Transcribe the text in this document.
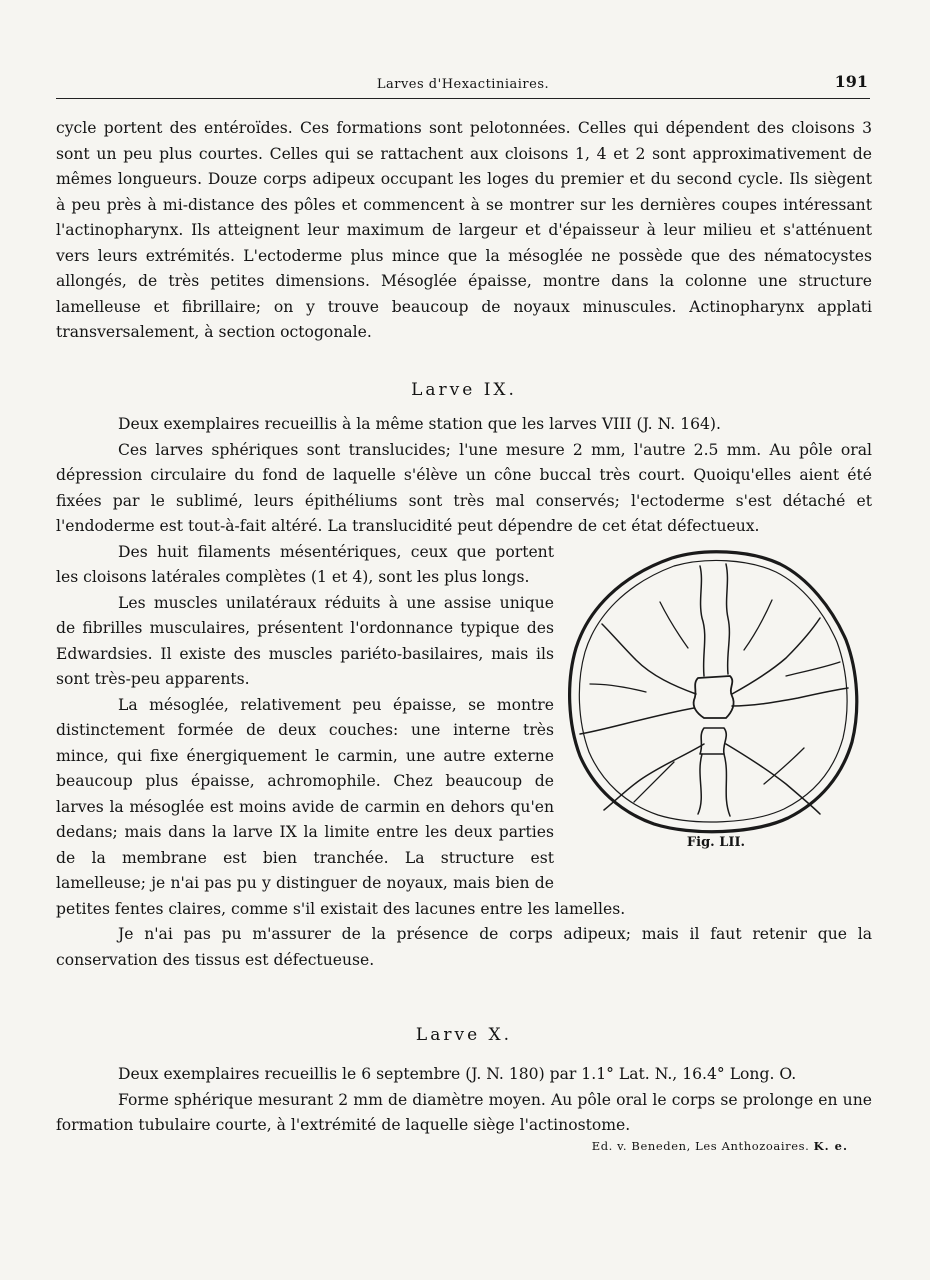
Larves d'Hexactiniaires.	191

cycle portent des entéroïdes. Ces formations sont pelotonnées. Celles qui dépendent des cloisons 3 sont un peu plus courtes. Celles qui se rattachent aux cloisons 1, 4 et 2 sont approximativement de mêmes longueurs. Douze corps adipeux occupant les loges du premier et du second cycle. Ils siègent à peu près à mi-distance des pôles et commencent à se montrer sur les dernières coupes intéressant l'actinopharynx. Ils atteignent leur maximum de largeur et d'épaisseur à leur milieu et s'atténuent vers leurs extrémités. L'ectoderme plus mince que la mésoglée ne possède que des nématocystes allongés, de très petites dimensions. Mésoglée épaisse, montre dans la colonne une structure lamelleuse et fibrillaire; on y trouve beaucoup de noyaux minuscules. Actinopharynx applati transversalement, à section octogonale.

Larve IX.

Deux exemplaires recueillis à la même station que les larves VIII (J. N. 164).

Ces larves sphériques sont translucides; l'une mesure 2 mm, l'autre 2.5 mm. Au pôle oral dépression circulaire du fond de laquelle s'élève un cône buccal très court. Quoiqu'elles aient été fixées par le sublimé, leurs épithéliums sont très mal conservés; l'ectoderme s'est détaché et l'endoderme est tout-à-fait altéré. La translucidité peut dépendre de cet état défectueux.

Fig. LII.

Des huit filaments mésentériques, ceux que portent les cloisons latérales complètes (1 et 4), sont les plus longs.

Les muscles unilatéraux réduits à une assise unique de fibrilles musculaires, présentent l'ordonnance typique des Edwardsies. Il existe des muscles pariéto-basilaires, mais ils sont très-peu apparents.

La mésoglée, relativement peu épaisse, se montre distinctement formée de deux couches: une interne très mince, qui fixe énergiquement le carmin, une autre externe beaucoup plus épaisse, achromophile. Chez beaucoup de larves la mésoglée est moins avide de carmin en dehors qu'en dedans; mais dans la larve IX la limite entre les deux parties de la membrane est bien tranchée. La structure est lamelleuse; je n'ai pas pu y distinguer de noyaux, mais bien de petites fentes claires, comme s'il existait des lacunes entre les lamelles.

Je n'ai pas pu m'assurer de la présence de corps adipeux; mais il faut retenir que la conservation des tissus est défectueuse.

Larve X.

Deux exemplaires recueillis le 6 septembre (J. N. 180) par 1.1° Lat. N., 16.4° Long. O.

Forme sphérique mesurant 2 mm de diamètre moyen. Au pôle oral le corps se prolonge en une formation tubulaire courte, à l'extrémité de laquelle siège l'actinostome.

Ed. v. Beneden, Les Anthozoaires. K. e.
